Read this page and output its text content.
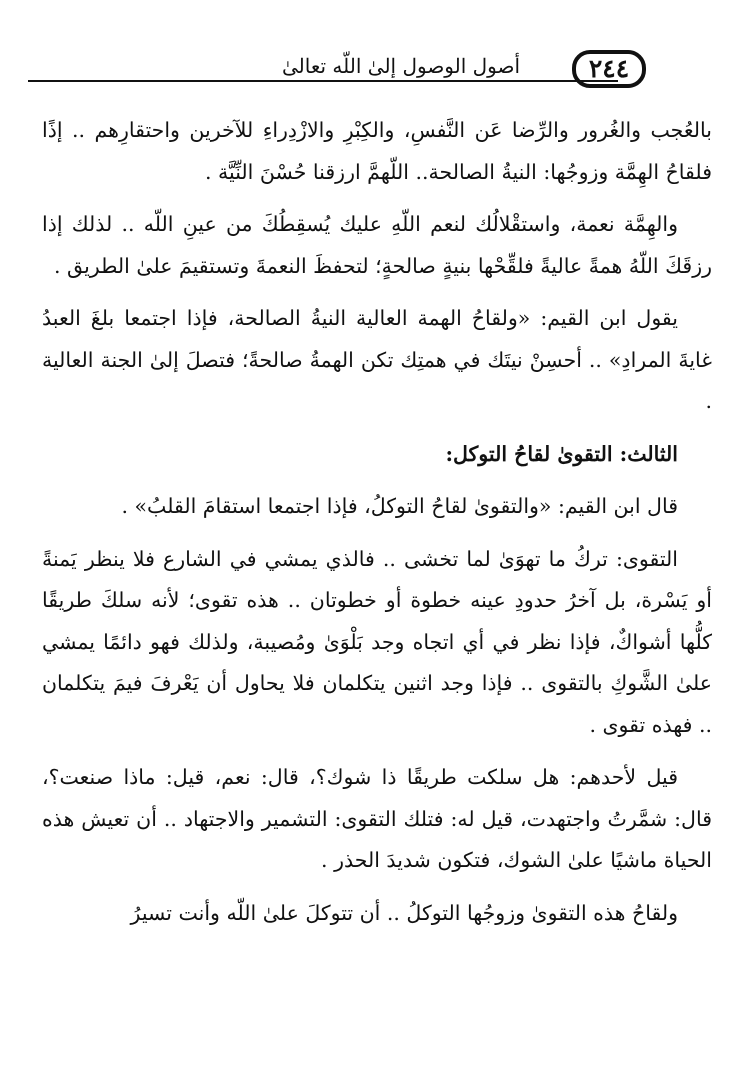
٢٤٤
أصول الوصول إلىٰ اللّه تعالىٰ

بالعُجب والغُرور والرِّضا عَن النَّفسِ، والكِبْرِ والازْدِراءِ للآخرين واحتقارِهم .. إذًا فلقاحُ الهِمَّة وزوجُها: النيةُ الصالحة.. اللّهمَّ ارزقنا حُسْنَ النِّيَّة .

والهِمَّة نعمة، واستقْلالُك لنعم اللّهِ عليك يُسقِطُكَ من عينِ اللّه .. لذلك إذا رزقَكَ اللّهُ همةً عاليةً فلقِّحْها بنيةٍ صالحةٍ؛ لتحفظَ النعمةَ وتستقيمَ علىٰ الطريق .

يقول ابن القيم: «ولقاحُ الهمة العالية النيةُ الصالحة، فإذا اجتمعا بلغَ العبدُ غايةَ المرادِ» .. أحسِنْ نيتَك في همتِك تكن الهمةُ صالحةً؛ فتصلَ إلىٰ الجنة العالية .

الثالث: التقوىٰ لقاحُ التوكل:

قال ابن القيم: «والتقوىٰ لقاحُ التوكلُ، فإذا اجتمعا استقامَ القلبُ» .

التقوى: تركُ ما تهوَىٰ لما تخشى .. فالذي يمشي في الشارع فلا ينظر يَمنةً أو يَسْرة، بل آخرُ حدودِ عينه خطوة أو خطوتان .. هذه تقوى؛ لأنه سلكَ طريقًا كلُّها أشواكٌ، فإذا نظر في أي اتجاه وجد بَلْوَىٰ ومُصيبة، ولذلك فهو دائمًا يمشي علىٰ الشَّوكِ بالتقوى .. فإذا وجد اثنين يتكلمان فلا يحاول أن يَعْرفَ فيمَ يتكلمان .. فهذه تقوى .

قيل لأحدهم: هل سلكت طريقًا ذا شوك؟، قال: نعم، قيل: ماذا صنعت؟، قال: شمَّرتُ واجتهدت، قيل له: فتلك التقوى: التشمير والاجتهاد .. أن تعيش هذه الحياة ماشيًا علىٰ الشوك، فتكون شديدَ الحذر .

ولقاحُ هذه التقوىٰ وزوجُها التوكلُ .. أن تتوكلَ علىٰ اللّه وأنت تسيرُ
